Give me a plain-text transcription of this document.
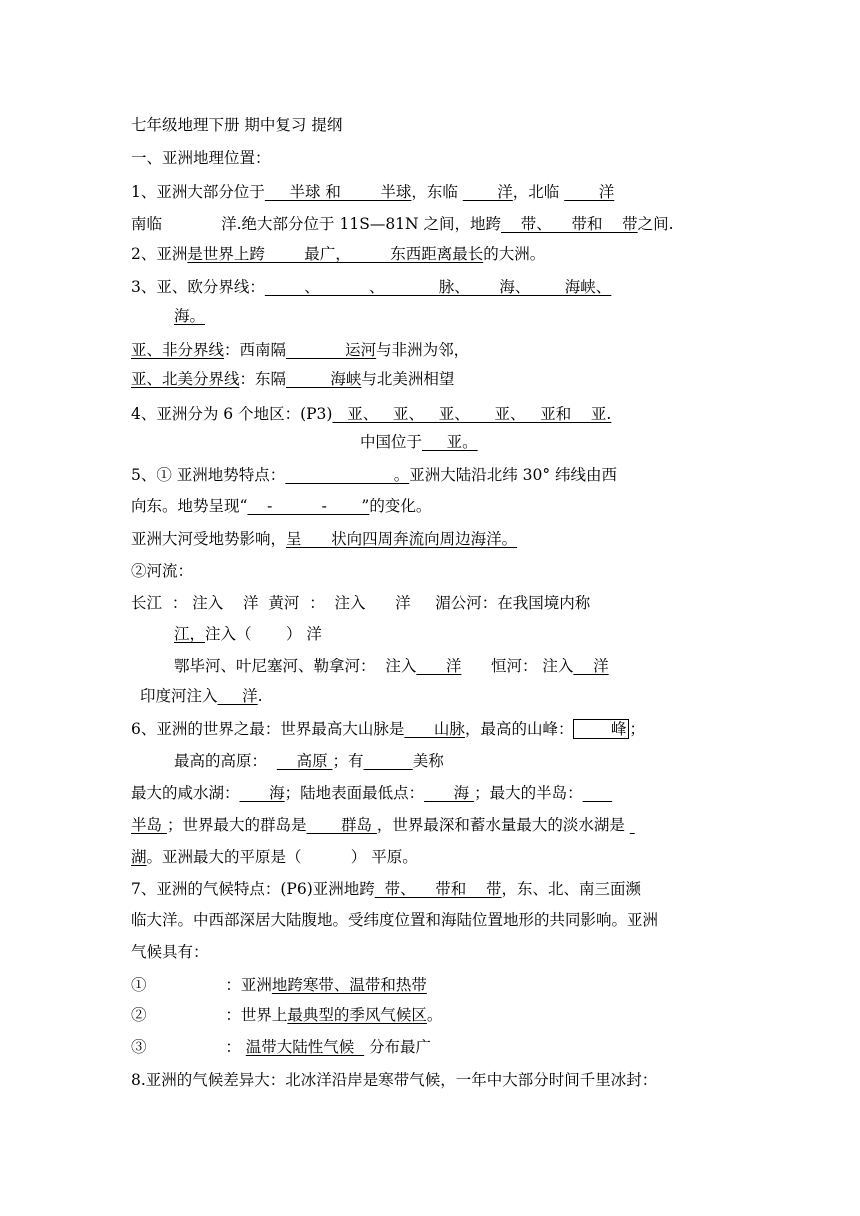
七年级地理下册 期中复习 提纲
一、亚洲地理位置：
1、亚洲大部分位于     半球 和        半球，东临        洋，北临        洋
南临            洋.绝大部分位于 11S—81N 之间，地跨    带、    带和    带之间.
2、亚洲是世界上跨        最广，        东西距离最长的大洲。
3、亚、欧分界线：        、          、           脉、      海、       海峡、
海。
亚、非分界线：西南隔            运河与非洲为邻，
亚、北美分界线：东隔         海峡与北美洲相望
4、亚洲分为 6 个地区：(P3)   亚、   亚、   亚、     亚、   亚和    亚.
中国位于     亚。
5、① 亚洲地势特点：                      。亚洲大陆沿北纬 30° 纬线由西
向东。地势呈现“    -          -       ”的变化。
亚洲大河受地势影响，呈      状向四周奔流向周边海洋。
②河流：
长江  ： 注入    洋  黄河  ：  注入      洋     湄公河：在我国境内称
江，注入（       ） 洋
鄂毕河、叶尼塞河、勒拿河：  注入      洋      恒河： 注入    洋
印度河注入     洋.
6、亚洲的世界之最：世界最高大山脉是      山脉，最高的山峰：       峰 ；
最高的高原：      高原 ；有	美称
最大的咸水湖：      海；陆地表面最低点：      海 ；最大的半岛：
半岛 ；世界最大的群岛是       群岛 ，世界最深和蓄水量最大的淡水湖是
湖。亚洲最大的平原是（          ） 平原。
7、亚洲的气候特点：(P6)亚洲地跨  带、    带和    带，东、北、南三面濒
临大洋。中西部深居大陆腹地。受纬度位置和海陆位置地形的共同影响。亚洲
气候具有：
①                ：亚洲地跨寒带、温带和热带
②                ：世界上最典型的季风气候区。
③                ： 温带大陆性气候   分布最广
8.亚洲的气候差异大：北冰洋沿岸是寒带气候，一年中大部分时间千里冰封：
